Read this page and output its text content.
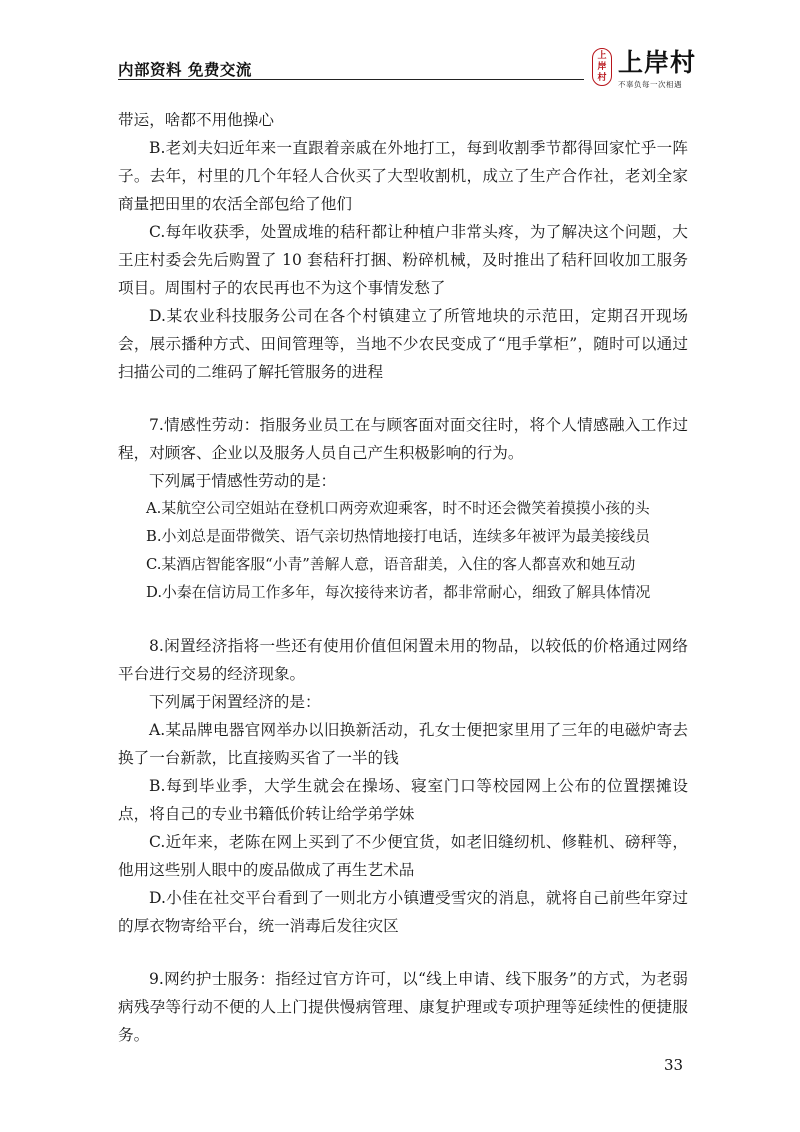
内部资料 免费交流
上
岸
村
上岸村
不辜负每一次相遇

带运，啥都不用他操心

B.老刘夫妇近年来一直跟着亲戚在外地打工，每到收割季节都得回家忙乎一阵子。去年，村里的几个年轻人合伙买了大型收割机，成立了生产合作社，老刘全家商量把田里的农活全部包给了他们

C.每年收获季，处置成堆的秸秆都让种植户非常头疼，为了解决这个问题，大王庄村委会先后购置了 10 套秸秆打捆、粉碎机械，及时推出了秸秆回收加工服务项目。周围村子的农民再也不为这个事情发愁了

D.某农业科技服务公司在各个村镇建立了所管地块的示范田，定期召开现场会，展示播种方式、田间管理等，当地不少农民变成了“甩手掌柜”，随时可以通过扫描公司的二维码了解托管服务的进程

7.情感性劳动：指服务业员工在与顾客面对面交往时，将个人情感融入工作过程，对顾客、企业以及服务人员自己产生积极影响的行为。

下列属于情感性劳动的是：

A.某航空公司空姐站在登机口两旁欢迎乘客，时不时还会微笑着摸摸小孩的头

B.小刘总是面带微笑、语气亲切热情地接打电话，连续多年被评为最美接线员

C.某酒店智能客服“小青”善解人意，语音甜美，入住的客人都喜欢和她互动

D.小秦在信访局工作多年，每次接待来访者，都非常耐心，细致了解具体情况

8.闲置经济指将一些还有使用价值但闲置未用的物品，以较低的价格通过网络平台进行交易的经济现象。

下列属于闲置经济的是：

A.某品牌电器官网举办以旧换新活动，孔女士便把家里用了三年的电磁炉寄去换了一台新款，比直接购买省了一半的钱

B.每到毕业季，大学生就会在操场、寝室门口等校园网上公布的位置摆摊设点，将自己的专业书籍低价转让给学弟学妹

C.近年来，老陈在网上买到了不少便宜货，如老旧缝纫机、修鞋机、磅秤等，他用这些别人眼中的废品做成了再生艺术品

D.小佳在社交平台看到了一则北方小镇遭受雪灾的消息，就将自己前些年穿过的厚衣物寄给平台，统一消毒后发往灾区

9.网约护士服务：指经过官方许可，以“线上申请、线下服务”的方式，为老弱病残孕等行动不便的人上门提供慢病管理、康复护理或专项护理等延续性的便捷服务。

33
